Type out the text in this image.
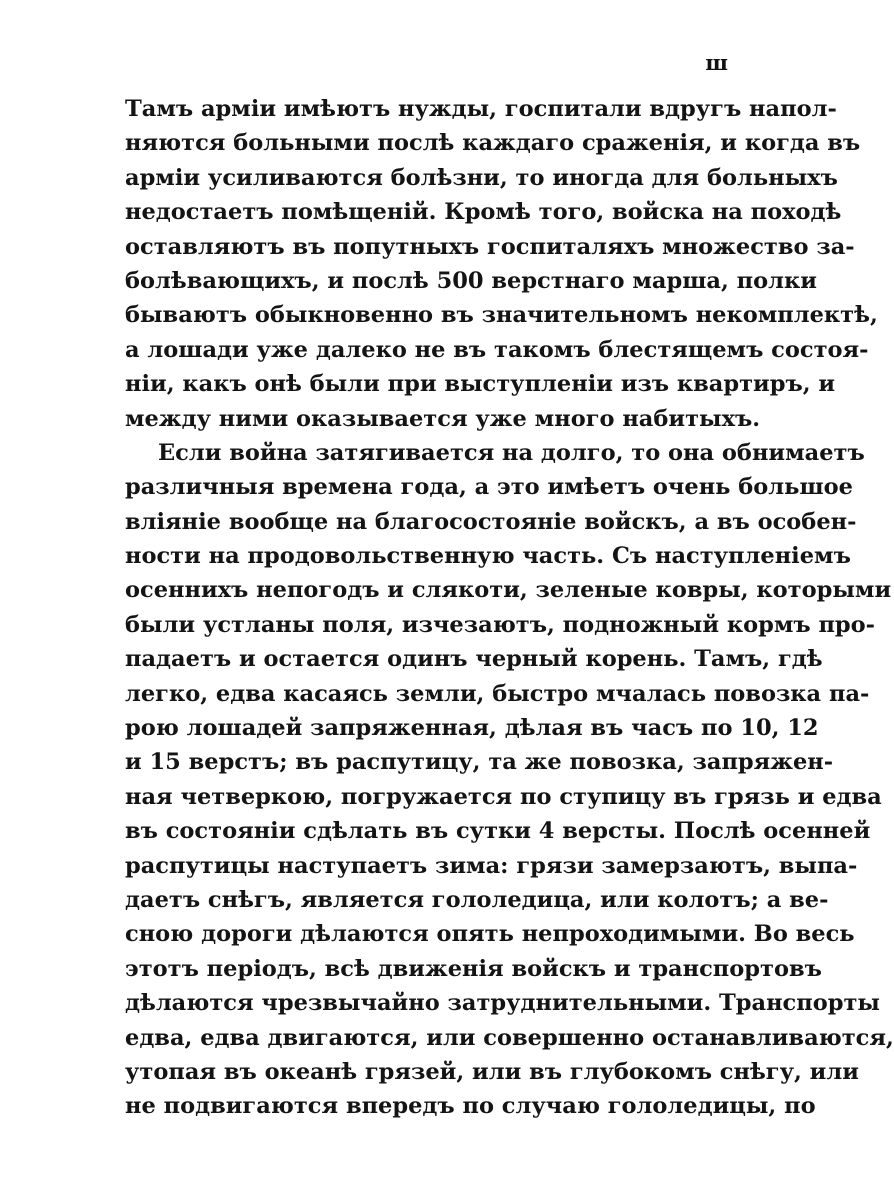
ш
Тамъ арміи имѣютъ нужды, госпитали вдругъ напол-
няются больными послѣ каждаго сраженія, и когда въ
арміи усиливаются болѣзни, то иногда для больныхъ
недостаетъ помѣщеній. Кромѣ того, войска на походѣ
оставляютъ въ попутныхъ госпиталяхъ множество за-
болѣвающихъ, и послѣ 500 верстнаго марша, полки
бываютъ обыкновенно въ значительномъ некомплектѣ,
а лошади уже далеко не въ такомъ блестящемъ состоя-
ніи, какъ онѣ были при выступленіи изъ квартиръ, и
между ними оказывается уже много набитыхъ.
Если война затягивается на долго, то она обнимаетъ
различныя времена года, а это имѣетъ очень большое
вліяніе вообще на благосостояніе войскъ, а въ особен-
ности на продовольственную часть. Съ наступленіемъ
осеннихъ непогодъ и слякоти, зеленые ковры, которыми
были устланы поля, изчезаютъ, подножный кормъ про-
падаетъ и остается одинъ черный корень. Тамъ, гдѣ
легко, едва касаясь земли, быстро мчалась повозка па-
рою лошадей запряженная, дѣлая въ часъ по 10, 12
и 15 верстъ; въ распутицу, та же повозка, запряжен-
ная четверкою, погружается по ступицу въ грязь и едва
въ состояніи сдѣлать въ сутки 4 версты. Послѣ осенней
распутицы наступаетъ зима: грязи замерзаютъ, выпа-
даетъ снѣгъ, является гололедица, или колотъ; а ве-
сною дороги дѣлаются опять непроходимыми. Во весь
этотъ періодъ, всѣ движенія войскъ и транспортовъ
дѣлаются чрезвычайно затруднительными. Транспорты
едва, едва двигаются, или совершенно останавливаются,
утопая въ океанѣ грязей, или въ глубокомъ снѣгу, или
не подвигаются впередъ по случаю гололедицы, по
